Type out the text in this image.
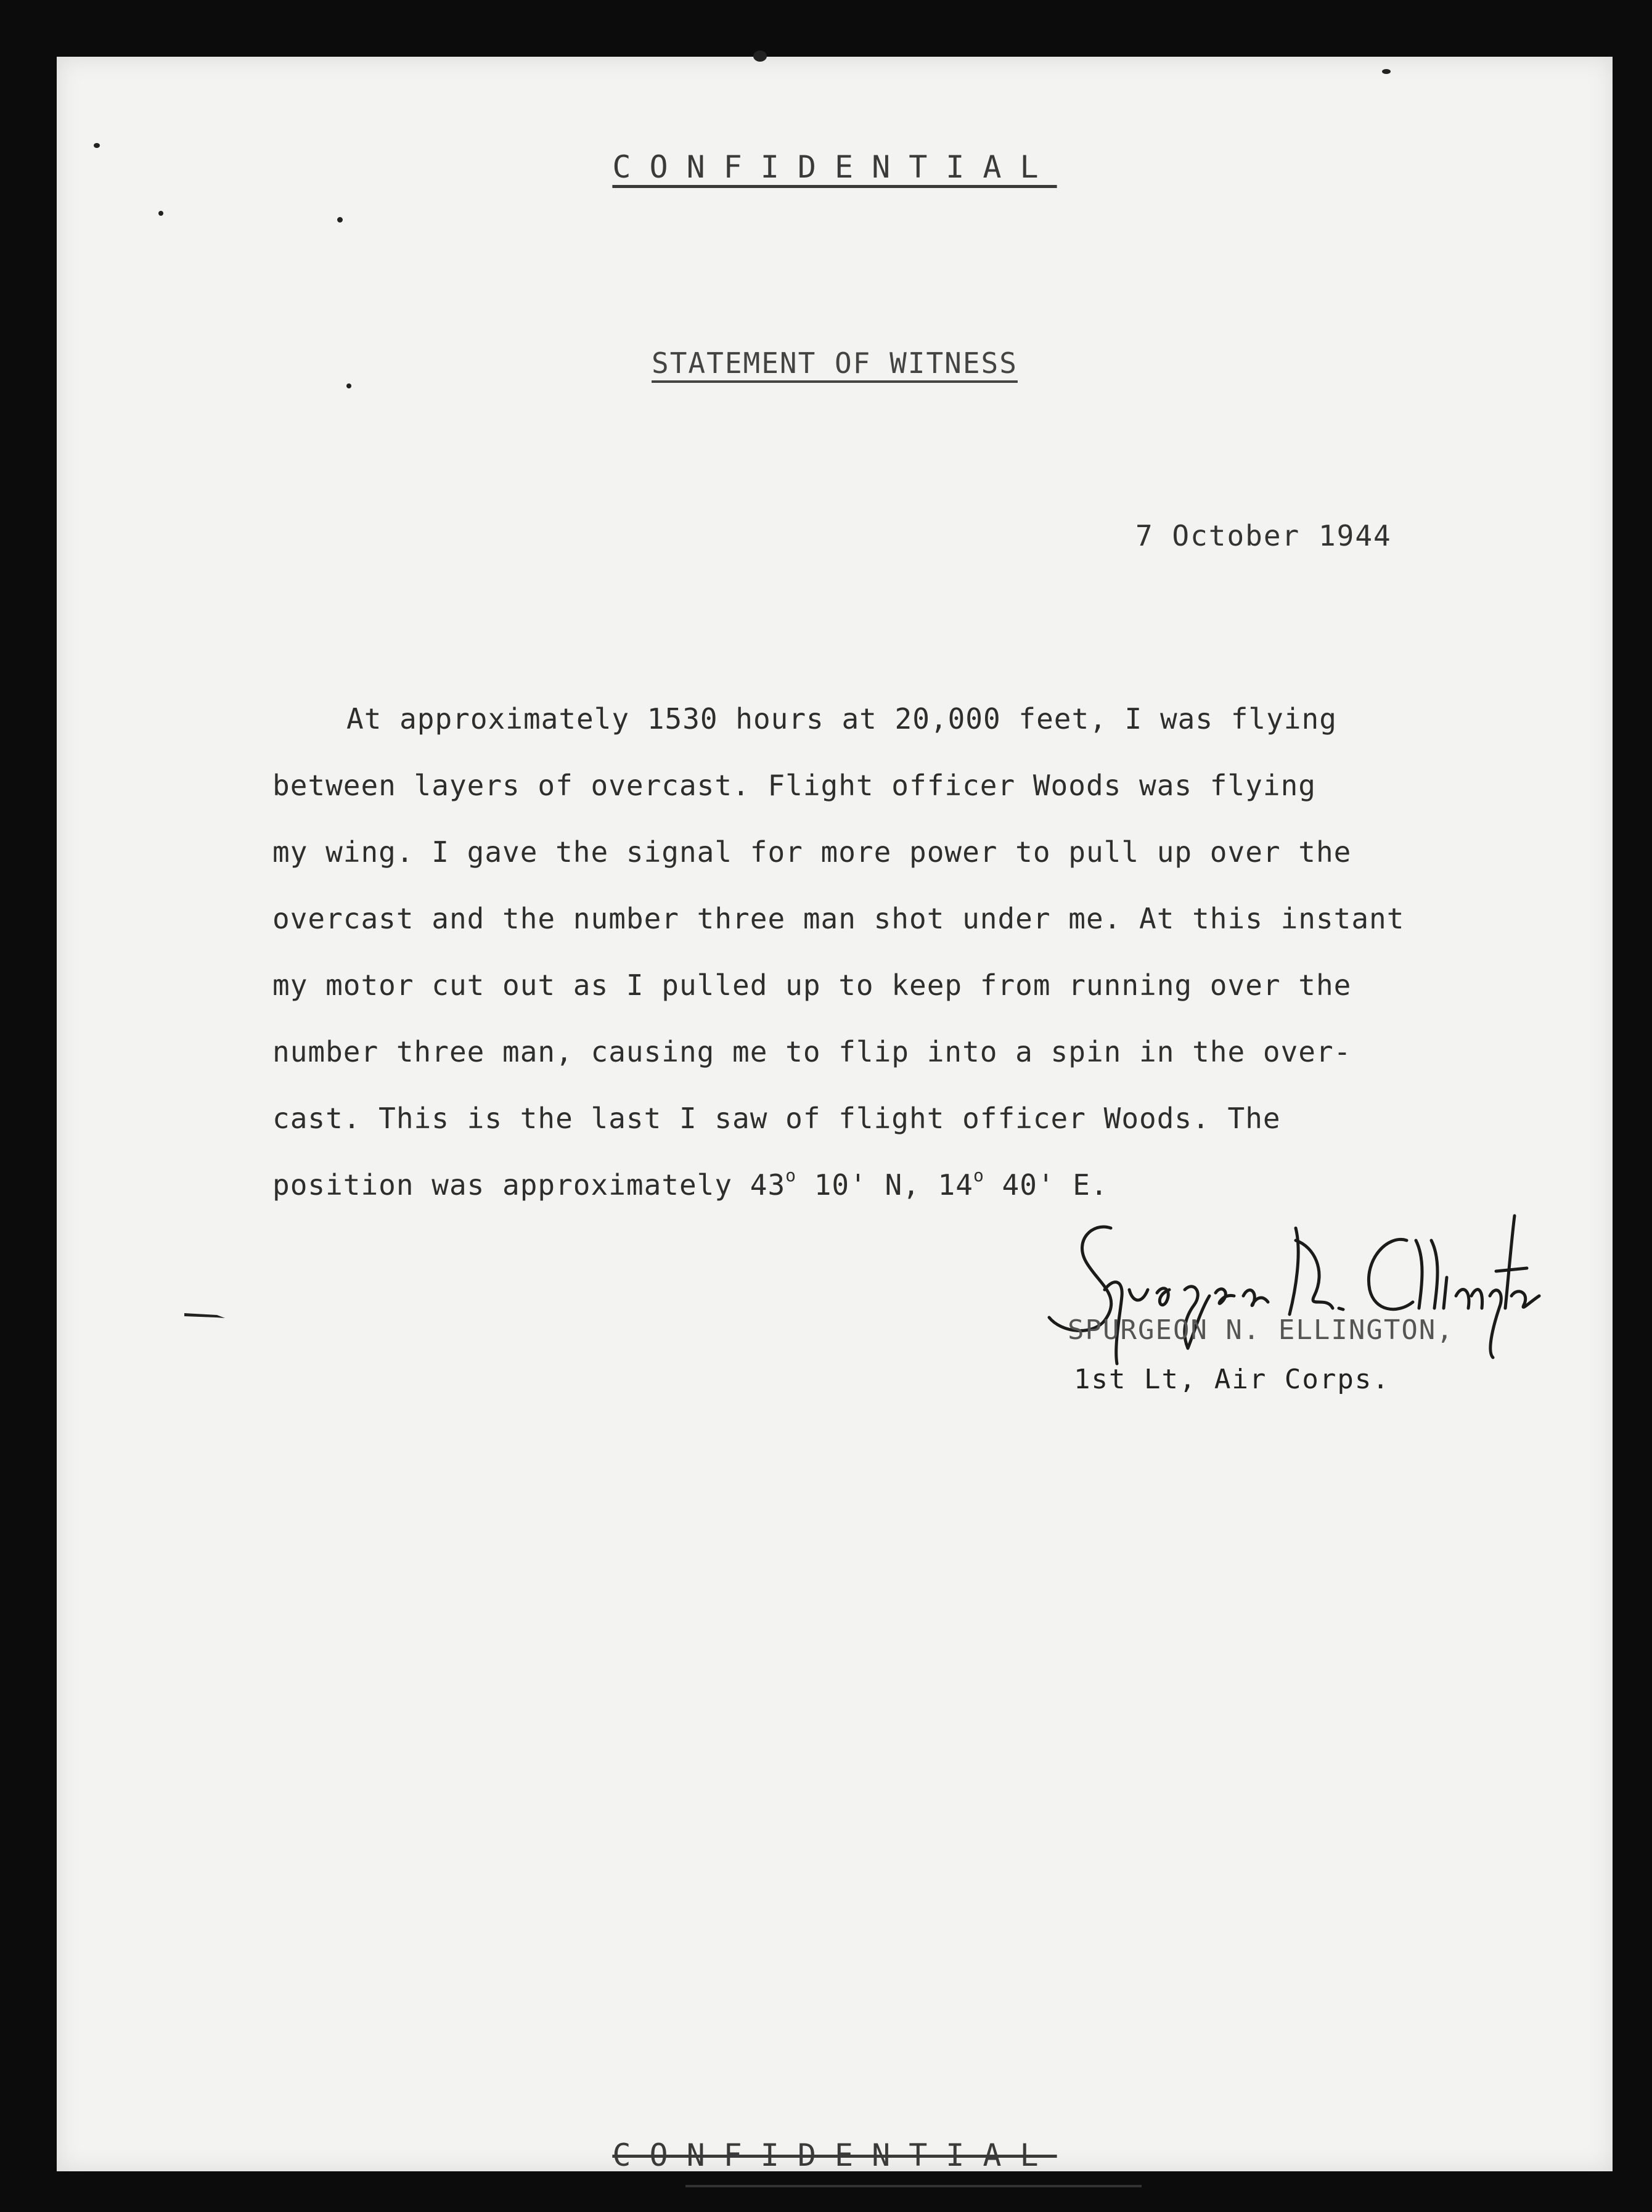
CONFIDENTIAL
STATEMENT OF WITNESS
7 October 1944
At approximately 1530 hours at 20,000 feet, I was flying
between layers of overcast. Flight officer Woods was flying
my wing. I gave the signal for more power to pull up over the
overcast and the number three man shot under me. At this instant
my motor cut out as I pulled up to keep from running over the
number three man, causing me to flip into a spin in the over-
cast. This is the last I saw of flight officer Woods. The
position was approximately 43$^o$ 10' N, 14$^o$ 40' E.
SPURGEON N. ELLINGTON,
1st Lt, Air Corps.
CONFIDENTIAL
